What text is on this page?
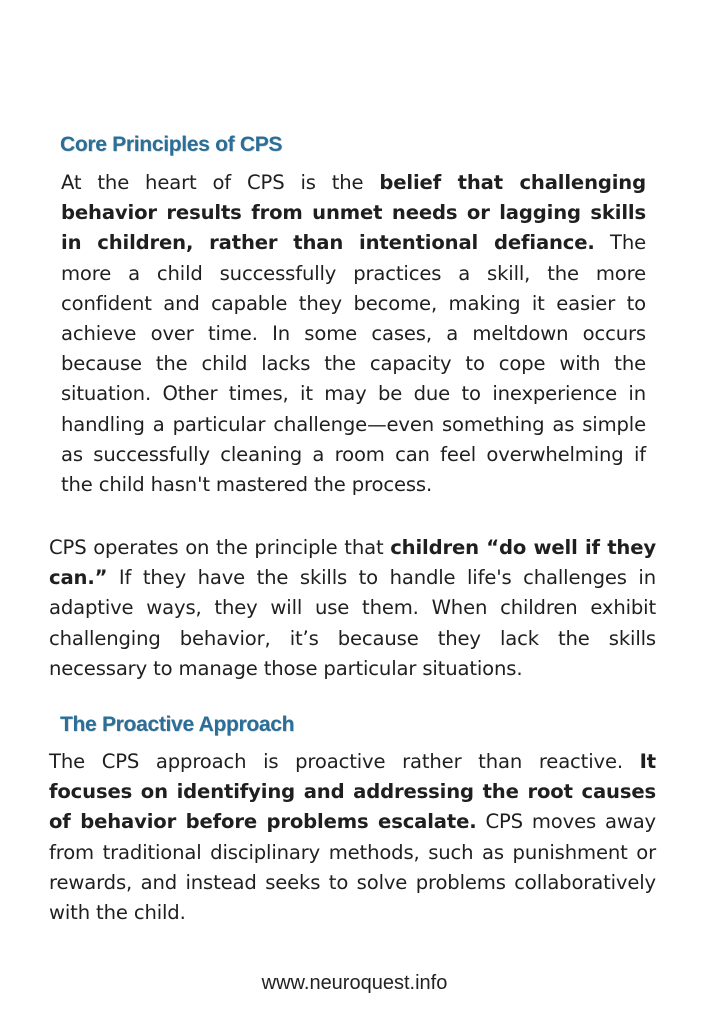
Core Principles of CPS

At the heart of CPS is the belief that challenging behavior results from unmet needs or lagging skills in children, rather than intentional defiance. The more a child successfully practices a skill, the more confident and capable they become, making it easier to achieve over time. In some cases, a meltdown occurs because the child lacks the capacity to cope with the situation. Other times, it may be due to inexperience in handling a particular challenge—even something as simple as successfully cleaning a room can feel overwhelming if the child hasn't mastered the process.

CPS operates on the principle that children “do well if they can.” If they have the skills to handle life's challenges in adaptive ways, they will use them. When children exhibit challenging behavior, it’s because they lack the skills necessary to manage those particular situations.

The Proactive Approach

The CPS approach is proactive rather than reactive. It focuses on identifying and addressing the root causes of behavior before problems escalate. CPS moves away from traditional disciplinary methods, such as punishment or rewards, and instead seeks to solve problems collaboratively with the child.

www.neuroquest.info
